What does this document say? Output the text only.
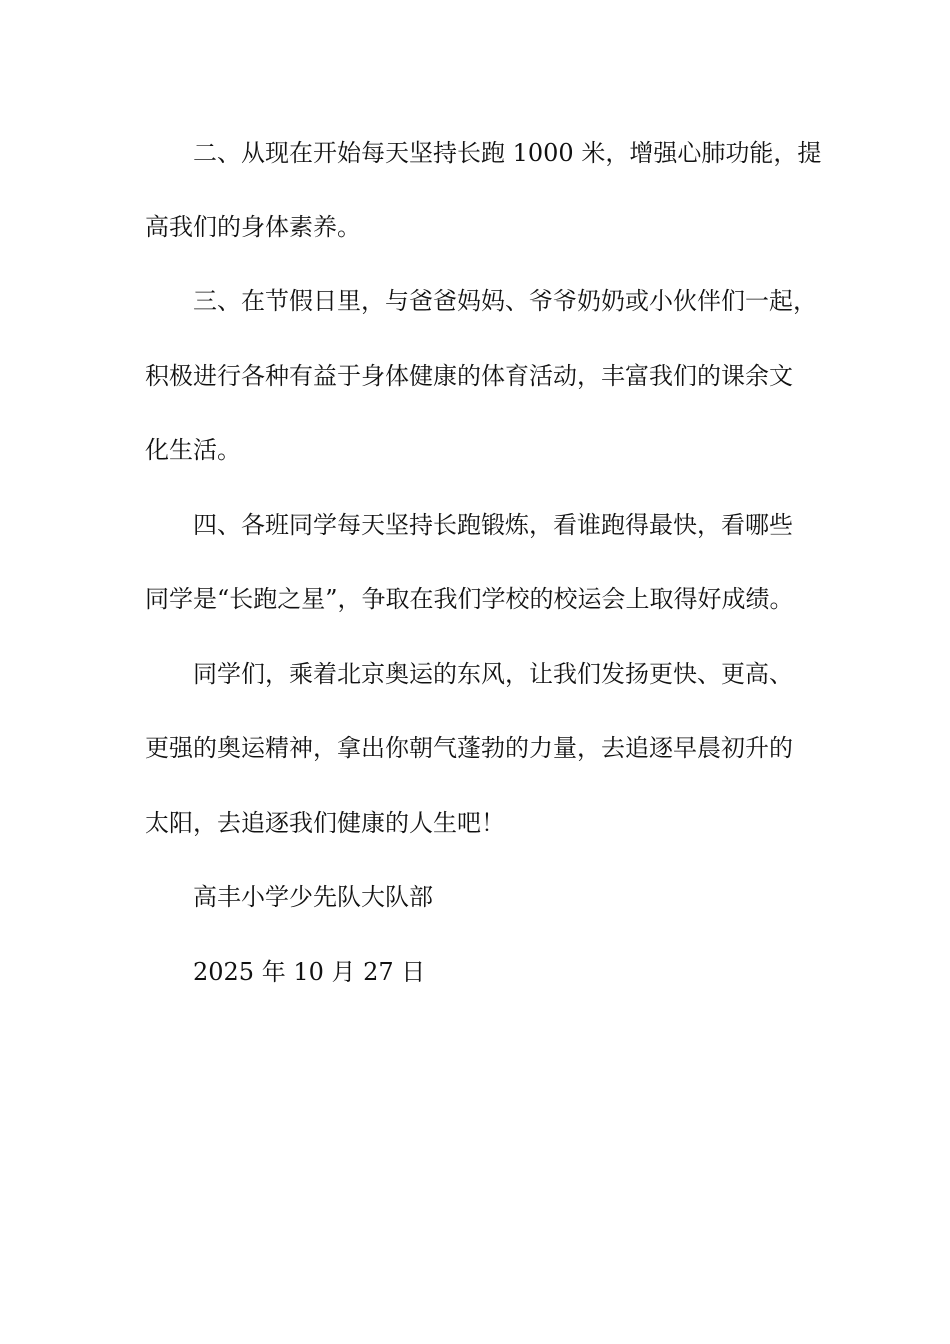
二、从现在开始每天坚持长跑 1000 米，增强心肺功能，提
高我们的身体素养。
三、在节假日里，与爸爸妈妈、爷爷奶奶或小伙伴们一起，
积极进行各种有益于身体健康的体育活动，丰富我们的课余文
化生活。
四、各班同学每天坚持长跑锻炼，看谁跑得最快，看哪些
同学是“长跑之星”，争取在我们学校的校运会上取得好成绩。
同学们，乘着北京奥运的东风，让我们发扬更快、更高、
更强的奥运精神，拿出你朝气蓬勃的力量，去追逐早晨初升的
太阳，去追逐我们健康的人生吧！
高丰小学少先队大队部
2025 年 10 月 27 日
